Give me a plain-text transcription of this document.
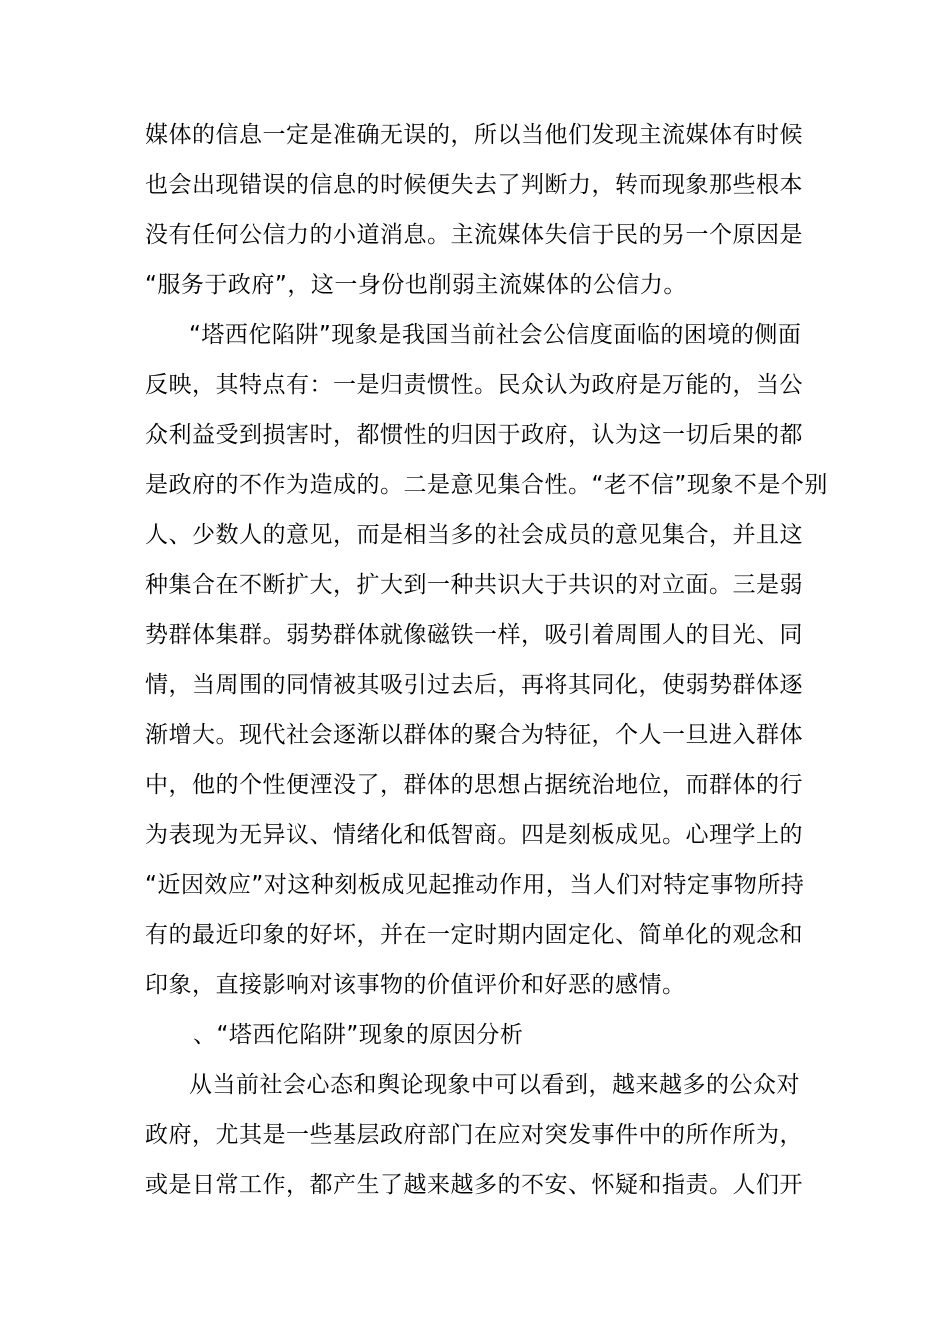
媒体的信息一定是准确无误的，所以当他们发现主流媒体有时候
也会出现错误的信息的时候便失去了判断力，转而现象那些根本
没有任何公信力的小道消息。主流媒体失信于民的另一个原因是
“服务于政府”，这一身份也削弱主流媒体的公信力。
“塔西佗陷阱”现象是我国当前社会公信度面临的困境的侧面
反映，其特点有：一是归责惯性。民众认为政府是万能的，当公
众利益受到损害时，都惯性的归因于政府，认为这一切后果的都
是政府的不作为造成的。二是意见集合性。“老不信”现象不是个别
人、少数人的意见，而是相当多的社会成员的意见集合，并且这
种集合在不断扩大，扩大到一种共识大于共识的对立面。三是弱
势群体集群。弱势群体就像磁铁一样，吸引着周围人的目光、同
情，当周围的同情被其吸引过去后，再将其同化，使弱势群体逐
渐增大。现代社会逐渐以群体的聚合为特征，个人一旦进入群体
中，他的个性便湮没了，群体的思想占据统治地位，而群体的行
为表现为无异议、情绪化和低智商。四是刻板成见。心理学上的
“近因效应”对这种刻板成见起推动作用，当人们对特定事物所持
有的最近印象的好坏，并在一定时期内固定化、简单化的观念和
印象，直接影响对该事物的价值评价和好恶的感情。
、“塔西佗陷阱”现象的原因分析
从当前社会心态和舆论现象中可以看到，越来越多的公众对
政府，尤其是一些基层政府部门在应对突发事件中的所作所为，
或是日常工作，都产生了越来越多的不安、怀疑和指责。人们开
